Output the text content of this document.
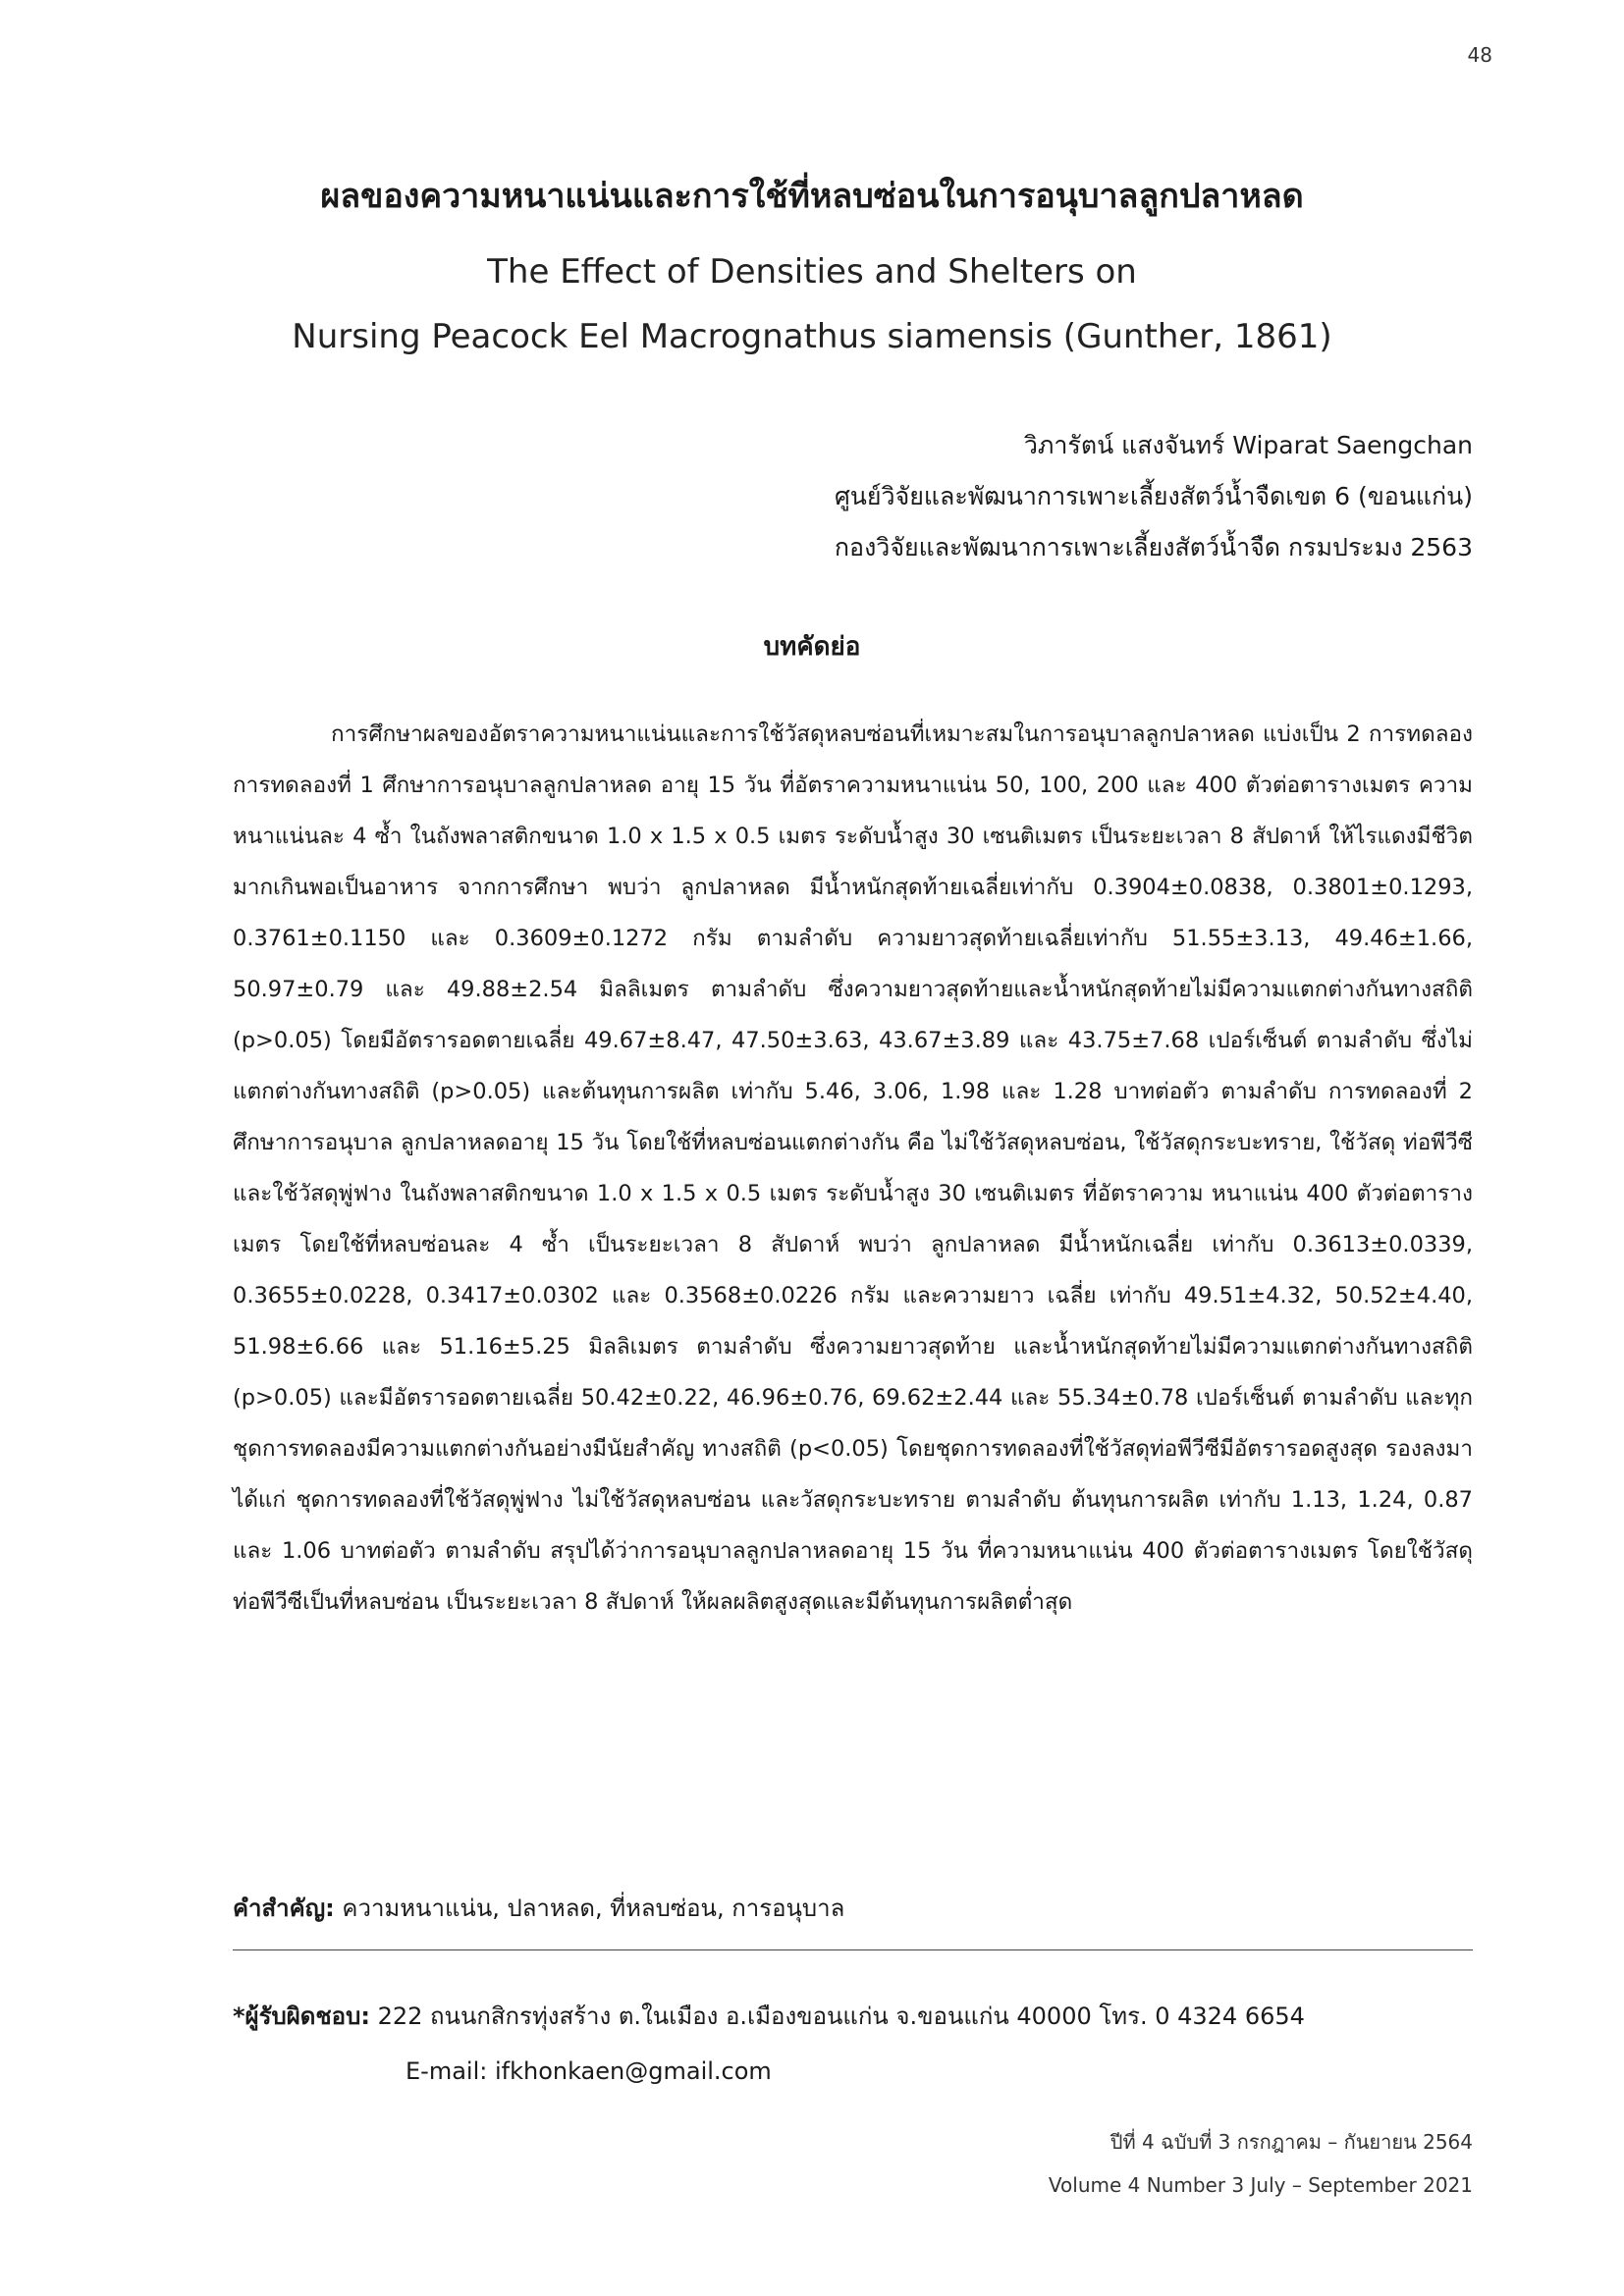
48
ผลของความหนาแน่นและการใช้ที่หลบซ่อนในการอนุบาลลูกปลาหลด
The Effect of Densities and Shelters on
Nursing Peacock Eel Macrognathus siamensis (Gunther, 1861)
วิภารัตน์ แสงจันทร์ Wiparat Saengchan
ศูนย์วิจัยและพัฒนาการเพาะเลี้ยงสัตว์น้ำจืดเขต 6 (ขอนแก่น)
กองวิจัยและพัฒนาการเพาะเลี้ยงสัตว์น้ำจืด กรมประมง 2563
บทคัดย่อ

การศึกษาผลของอัตราความหนาแน่นและการใช้วัสดุหลบซ่อนที่เหมาะสมในการอนุบาลลูกปลาหลด แบ่งเป็น 2 การทดลอง การทดลองที่ 1 ศึกษาการอนุบาลลูกปลาหลด อายุ 15 วัน ที่อัตราความหนาแน่น 50, 100, 200 และ 400 ตัวต่อตารางเมตร ความหนาแน่นละ 4 ซ้ำ ในถังพลาสติกขนาด 1.0 x 1.5 x 0.5 เมตร ระดับน้ำสูง 30 เซนติเมตร เป็นระยะเวลา 8 สัปดาห์ ให้ไรแดงมีชีวิตมากเกินพอเป็นอาหาร จากการศึกษา พบว่า ลูกปลาหลด มีน้ำหนักสุดท้ายเฉลี่ยเท่ากับ 0.3904±0.0838, 0.3801±0.1293, 0.3761±0.1150 และ 0.3609±0.1272 กรัม ตามลำดับ ความยาวสุดท้ายเฉลี่ยเท่ากับ 51.55±3.13, 49.46±1.66, 50.97±0.79 และ 49.88±2.54 มิลลิเมตร ตามลำดับ ซึ่งความยาวสุดท้ายและน้ำหนักสุดท้ายไม่มีความแตกต่างกันทางสถิติ (p>0.05) โดยมีอัตรารอดตายเฉลี่ย 49.67±8.47, 47.50±3.63, 43.67±3.89 และ 43.75±7.68 เปอร์เซ็นต์ ตามลำดับ ซึ่งไม่แตกต่างกันทางสถิติ (p>0.05) และต้นทุนการผลิต เท่ากับ 5.46, 3.06, 1.98 และ 1.28 บาทต่อตัว ตามลำดับ การทดลองที่ 2 ศึกษาการอนุบาล ลูกปลาหลดอายุ 15 วัน โดยใช้ที่หลบซ่อนแตกต่างกัน คือ ไม่ใช้วัสดุหลบซ่อน, ใช้วัสดุกระบะทราย, ใช้วัสดุ ท่อพีวีซี และใช้วัสดุพู่ฟาง ในถังพลาสติกขนาด 1.0 x 1.5 x 0.5 เมตร ระดับน้ำสูง 30 เซนติเมตร ที่อัตราความ หนาแน่น 400 ตัวต่อตารางเมตร โดยใช้ที่หลบซ่อนละ 4 ซ้ำ เป็นระยะเวลา 8 สัปดาห์ พบว่า ลูกปลาหลด มีน้ำหนักเฉลี่ย เท่ากับ 0.3613±0.0339, 0.3655±0.0228, 0.3417±0.0302 และ 0.3568±0.0226 กรัม และความยาว เฉลี่ย เท่ากับ 49.51±4.32, 50.52±4.40, 51.98±6.66 และ 51.16±5.25 มิลลิเมตร ตามลำดับ ซึ่งความยาวสุดท้าย และน้ำหนักสุดท้ายไม่มีความแตกต่างกันทางสถิติ (p>0.05) และมีอัตรารอดตายเฉลี่ย 50.42±0.22, 46.96±0.76, 69.62±2.44 และ 55.34±0.78 เปอร์เซ็นต์ ตามลำดับ และทุกชุดการทดลองมีความแตกต่างกันอย่างมีนัยสำคัญ ทางสถิติ (p<0.05) โดยชุดการทดลองที่ใช้วัสดุท่อพีวีซีมีอัตรารอดสูงสุด รองลงมาได้แก่ ชุดการทดลองที่ใช้วัสดุพู่ฟาง ไม่ใช้วัสดุหลบซ่อน และวัสดุกระบะทราย ตามลำดับ ต้นทุนการผลิต เท่ากับ 1.13, 1.24, 0.87 และ 1.06 บาทต่อตัว ตามลำดับ สรุปได้ว่าการอนุบาลลูกปลาหลดอายุ 15 วัน ที่ความหนาแน่น 400 ตัวต่อตารางเมตร โดยใช้วัสดุ ท่อพีวีซีเป็นที่หลบซ่อน เป็นระยะเวลา 8 สัปดาห์ ให้ผลผลิตสูงสุดและมีต้นทุนการผลิตต่ำสุด

คำสำคัญ: ความหนาแน่น, ปลาหลด, ที่หลบซ่อน, การอนุบาล
*ผู้รับผิดชอบ: 222 ถนนกสิกรทุ่งสร้าง ต.ในเมือง อ.เมืองขอนแก่น จ.ขอนแก่น 40000 โทร. 0 4324 6654
E-mail: ifkhonkaen@gmail.com
ปีที่ 4 ฉบับที่ 3 กรกฎาคม – กันยายน 2564
Volume 4 Number 3 July – September 2021
